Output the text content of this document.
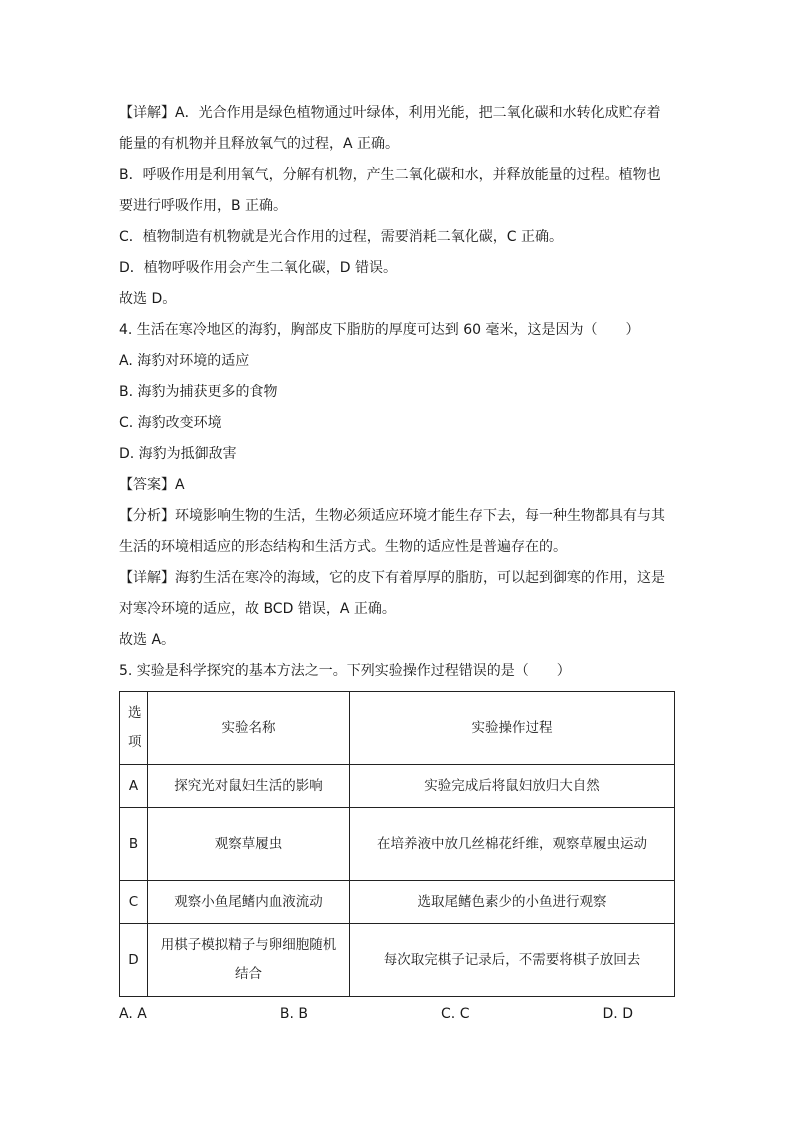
【详解】A．光合作用是绿色植物通过叶绿体，利用光能，把二氧化碳和水转化成贮存着
能量的有机物并且释放氧气的过程，A 正确。
B．呼吸作用是利用氧气，分解有机物，产生二氧化碳和水，并释放能量的过程。植物也
要进行呼吸作用，B 正确。
C．植物制造有机物就是光合作用的过程，需要消耗二氧化碳，C 正确。
D．植物呼吸作用会产生二氧化碳，D 错误。
故选 D。
4. 生活在寒冷地区的海豹，胸部皮下脂肪的厚度可达到 60 毫米，这是因为（　　）
A. 海豹对环境的适应
B. 海豹为捕获更多的食物
C. 海豹改变环境
D. 海豹为抵御敌害
【答案】A
【分析】环境影响生物的生活，生物必须适应环境才能生存下去，每一种生物都具有与其
生活的环境相适应的形态结构和生活方式。生物的适应性是普遍存在的。
【详解】海豹生活在寒冷的海域，它的皮下有着厚厚的脂肪，可以起到御寒的作用，这是
对寒冷环境的适应，故 BCD 错误，A 正确。
故选 A。
5. 实验是科学探究的基本方法之一。下列实验操作过程错误的是（　　）
选项	实验名称	实验操作过程
A	探究光对鼠妇生活的影响	实验完成后将鼠妇放归大自然
B	观察草履虫	在培养液中放几丝棉花纤维，观察草履虫运动
C	观察小鱼尾鳍内血液流动	选取尾鳍色素少的小鱼进行观察
D	用棋子模拟精子与卵细胞随机结合	每次取完棋子记录后，不需要将棋子放回去
A. A	B. B	C. C	D. D
